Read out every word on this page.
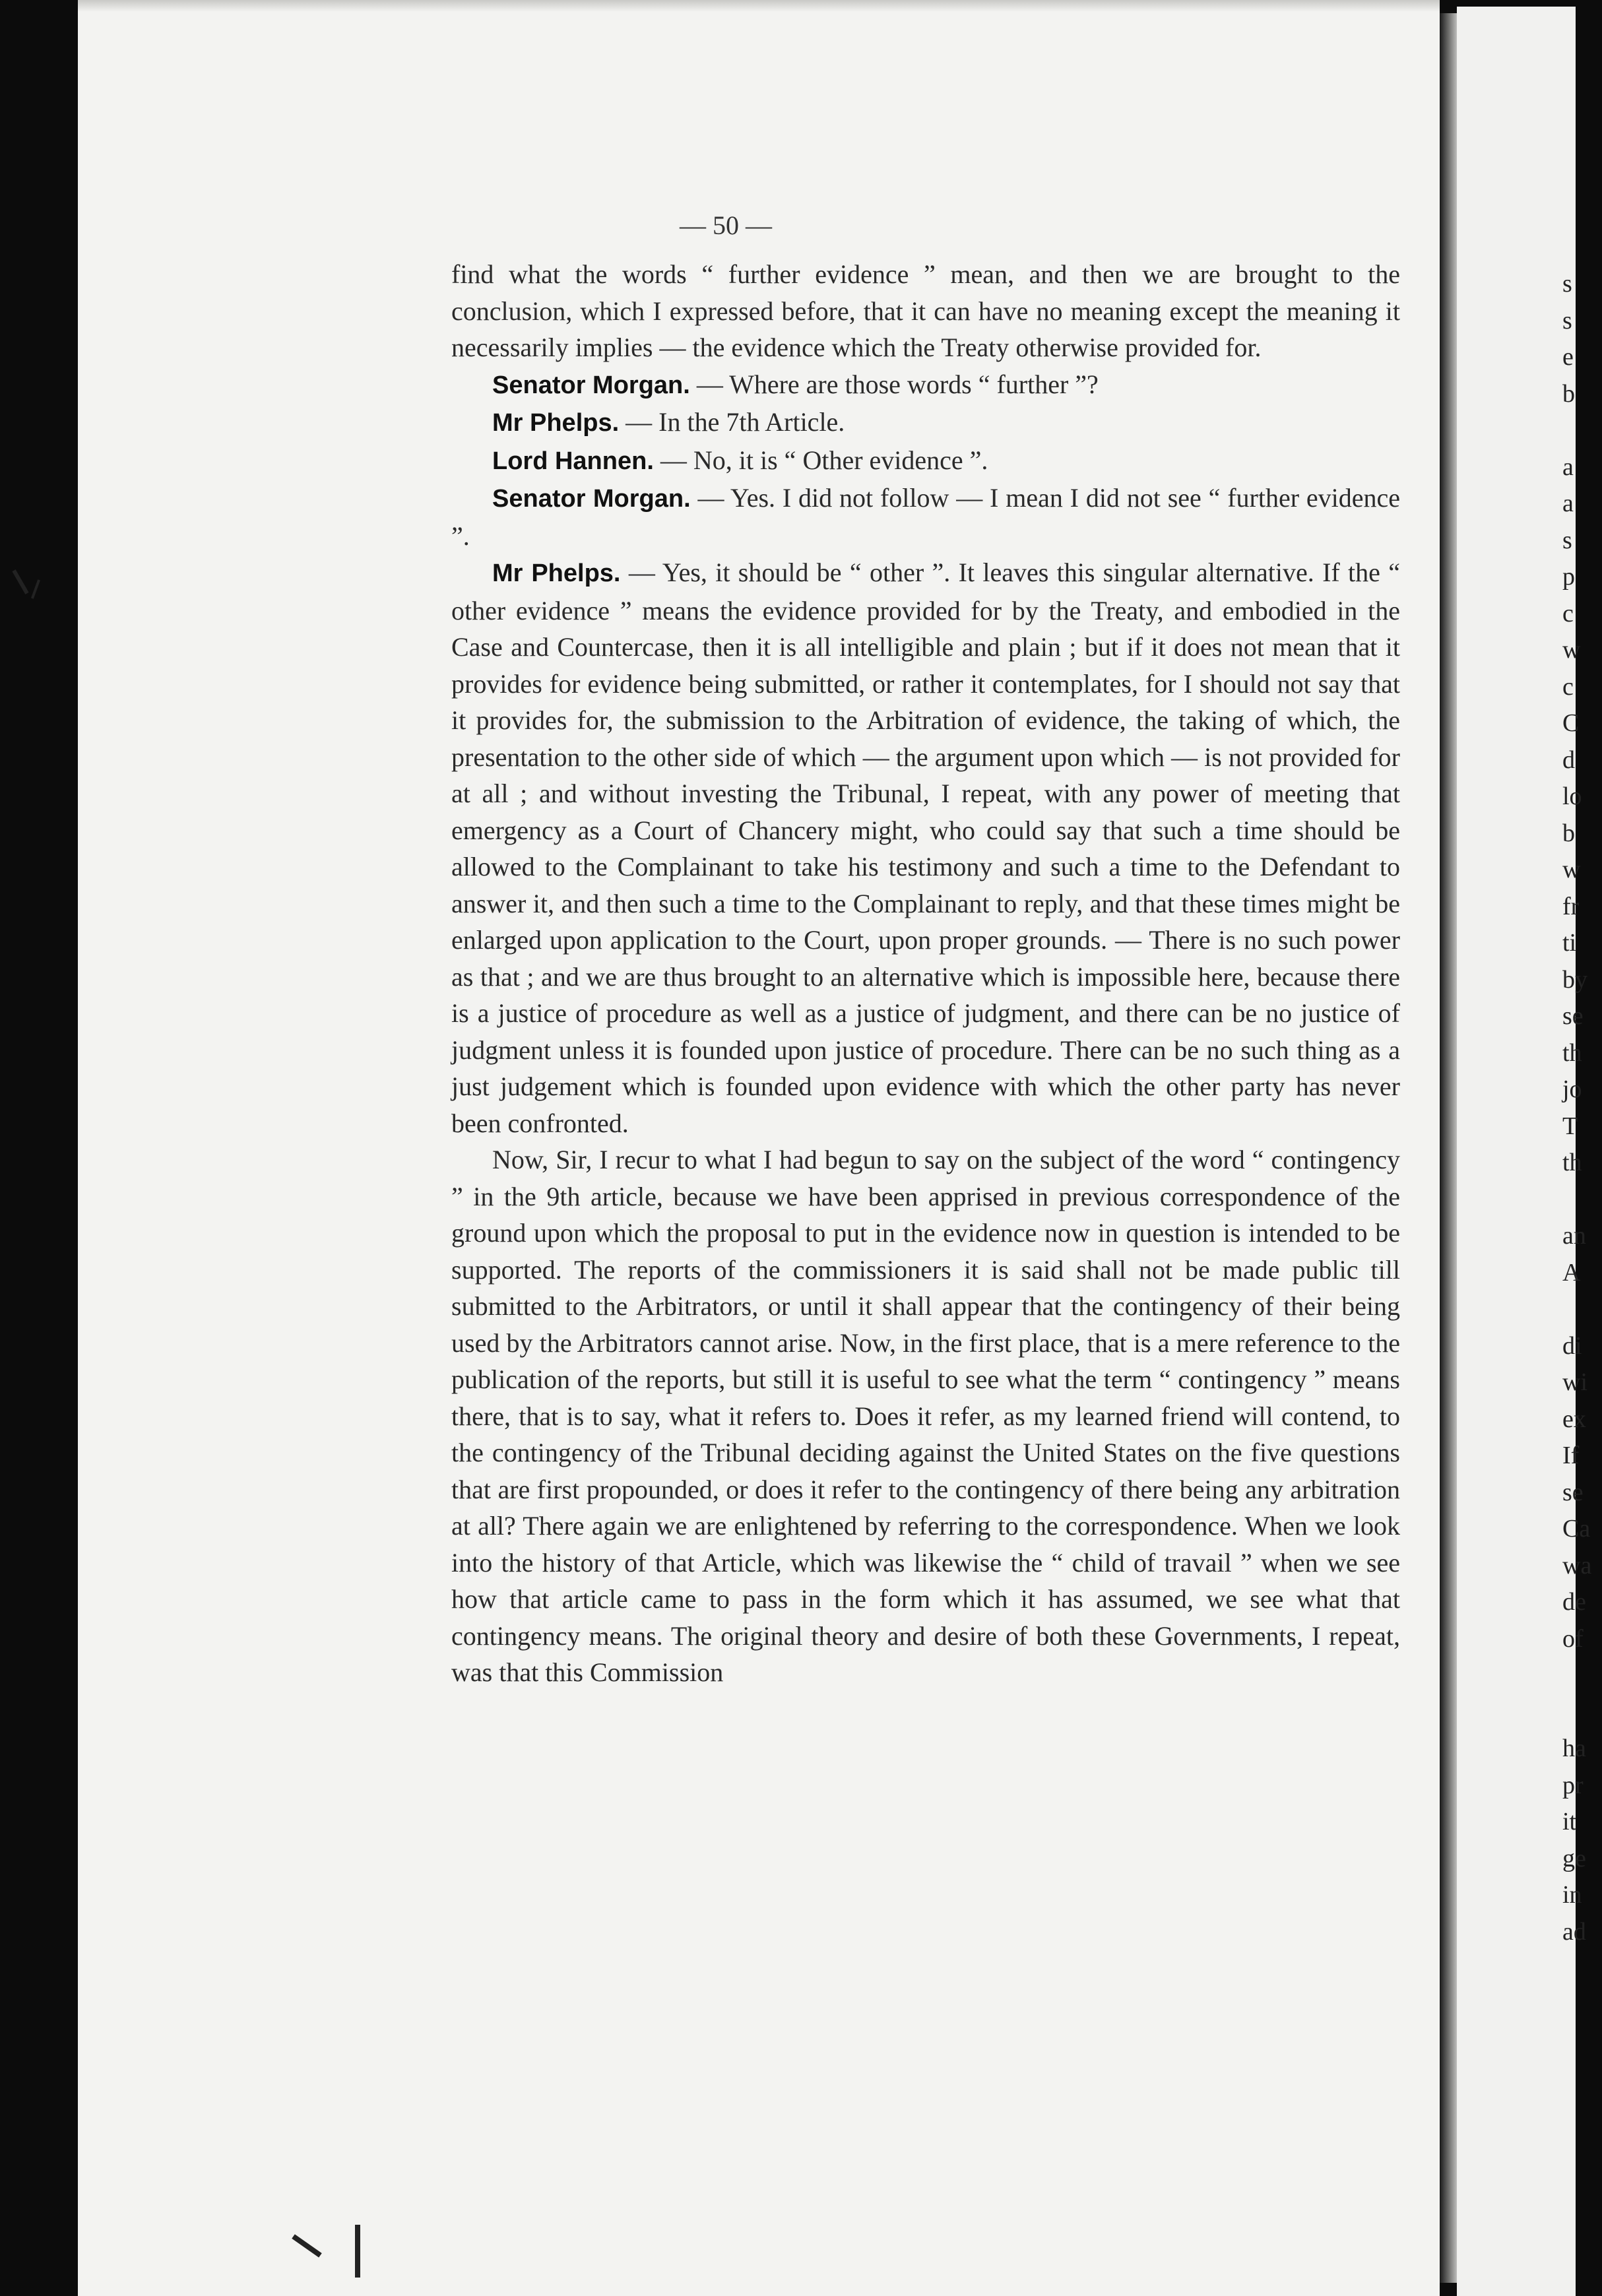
— 50 —

find what the words “ further evidence ” mean, and then we are brought to the conclusion, which I expressed before, that it can have no meaning except the meaning it necessarily implies — the evidence which the Treaty otherwise provided for.

Senator Morgan. — Where are those words “ further ”?

Mr Phelps. — In the 7th Article.

Lord Hannen. — No, it is “ Other evidence ”.

Senator Morgan. — Yes. I did not follow — I mean I did not see “ further evidence ”.

Mr Phelps. — Yes, it should be “ other ”. It leaves this singular alternative. If the “ other evidence ” means the evidence provided for by the Treaty, and embodied in the Case and Countercase, then it is all intelligible and plain ; but if it does not mean that it provides for evidence being submitted, or rather it contemplates, for I should not say that it provides for, the submission to the Arbitration of evidence, the taking of which, the presentation to the other side of which — the argument upon which — is not provided for at all ; and without investing the Tribunal, I repeat, with any power of meeting that emergency as a Court of Chancery might, who could say that such a time should be allowed to the Complainant to take his testimony and such a time to the Defendant to answer it, and then such a time to the Complainant to reply, and that these times might be enlarged upon application to the Court, upon proper grounds. — There is no such power as that ; and we are thus brought to an alternative which is impossible here, because there is a justice of procedure as well as a justice of judgment, and there can be no justice of judgment unless it is founded upon justice of procedure. There can be no such thing as a just judgement which is founded upon evidence with which the other party has never been confronted.

Now, Sir, I recur to what I had begun to say on the subject of the word “ contingency ” in the 9th article, because we have been apprised in previous correspondence of the ground upon which the proposal to put in the evidence now in question is intended to be supported. The reports of the commissioners it is said shall not be made public till submitted to the Arbitrators, or until it shall appear that the contingency of their being used by the Arbitrators cannot arise. Now, in the first place, that is a mere reference to the publication of the reports, but still it is useful to see what the term “ contingency ” means there, that is to say, what it refers to. Does it refer, as my learned friend will contend, to the contingency of the Tribunal deciding against the United States on the five questions that are first propounded, or does it refer to the contingency of there being any arbitration at all? There again we are enlightened by referring to the correspondence. When we look into the history of that Article, which was likewise the “ child of travail ” when we see how that article came to pass in the form which it has assumed, we see what that contingency means. The original theory and desire of both these Governments, I repeat, was that this Commission

s
s
e
b
a
a
s
p
c
w
c
C
d
lo
b
w
fr
ti
by
se
th
jo
T
th
an
A
di
wi
ex
If
se
Ca
wa
de
of
ha
pr
it
ge
in
ad
